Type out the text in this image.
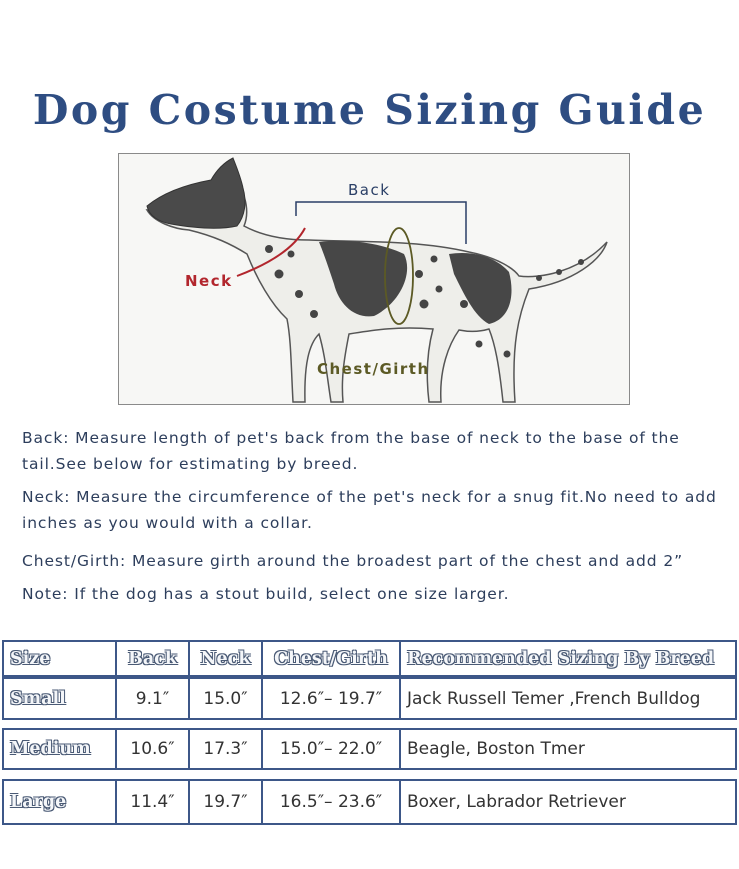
Dog Costume Sizing Guide
Back
Neck
Chest/Girth
Back: Measure length of pet's back from the base of neck to the base of the tail.See below for estimating by breed.
Neck: Measure the circumference of the pet's neck for a snug fit.No need to add inches as you would with a collar.
Chest/Girth: Measure girth around the broadest part of the chest and add 2”
Note: If the dog has a stout build, select one size larger.
Size	Back	Neck	Chest/Girth	Recommended Sizing By Breed
Small	9.1″	15.0″	12.6″– 19.7″	Jack Russell Temer ,French Bulldog
Medium	10.6″	17.3″	15.0″– 22.0″	Beagle, Boston Tmer
Large	11.4″	19.7″	16.5″– 23.6″	Boxer, Labrador Retriever
